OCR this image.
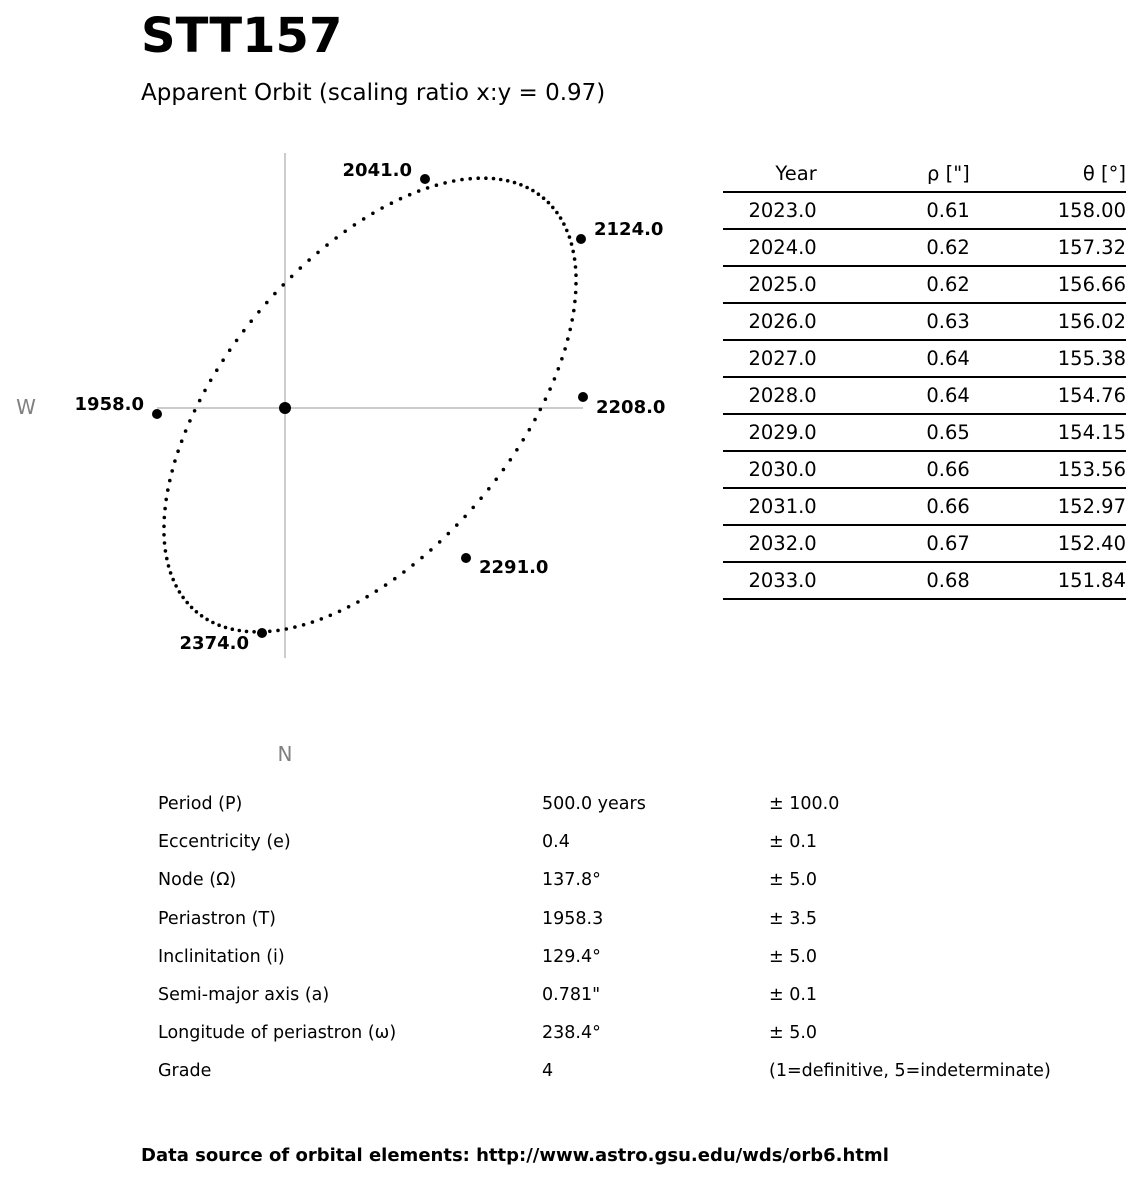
STT157
Apparent Orbit (scaling ratio x:y = 0.97)
2041.0
2124.0
1958.0	2208.0
2291.0
2374.0
W
N
Year	ρ ["]	θ [°]
2023.0	0.61	158.00
2024.0	0.62	157.32
2025.0	0.62	156.66
2026.0	0.63	156.02
2027.0	0.64	155.38
2028.0	0.64	154.76
2029.0	0.65	154.15
2030.0	0.66	153.56
2031.0	0.66	152.97
2032.0	0.67	152.40
2033.0	0.68	151.84
Period (P)	500.0 years	± 100.0
Eccentricity (e)	0.4	± 0.1
Node (Ω)	137.8°	± 5.0
Periastron (T)	1958.3	± 3.5
Inclinitation (i)	129.4°	± 5.0
Semi-major axis (a)	0.781"	± 0.1
Longitude of periastron (ω)	238.4°	± 5.0
Grade	4	(1=definitive, 5=indeterminate)
Data source of orbital elements: http://www.astro.gsu.edu/wds/orb6.html
